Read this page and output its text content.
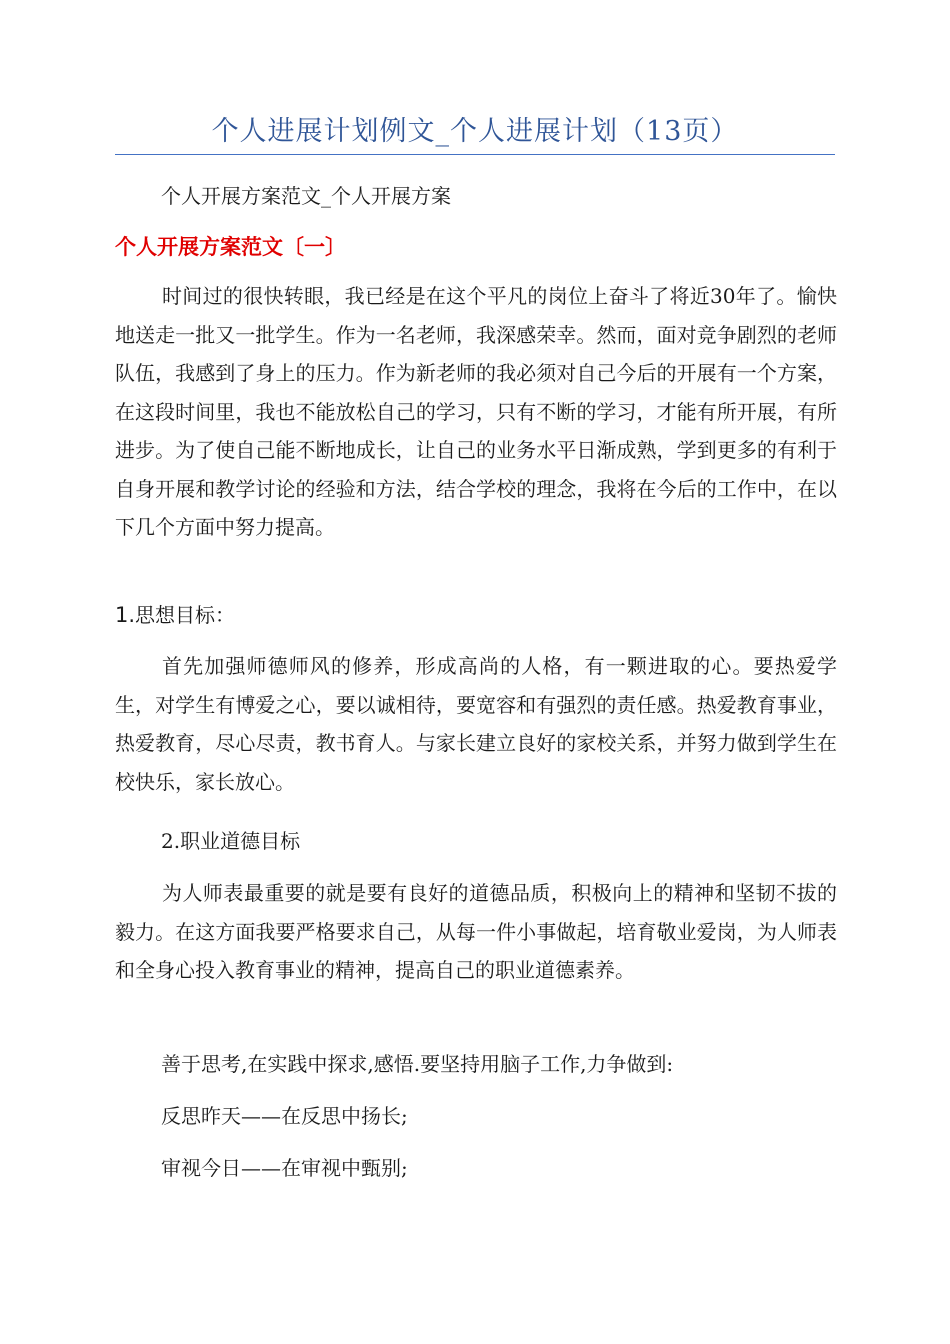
个人进展计划例文_个人进展计划（13页）
个人开展方案范文_个人开展方案
个人开展方案范文〔一〕

时间过的很快转眼，我已经是在这个平凡的岗位上奋斗了将近30年了。愉快地送走一批又一批学生。作为一名老师，我深感荣幸。然而，面对竞争剧烈的老师队伍，我感到了身上的压力。作为新老师的我必须对自己今后的开展有一个方案，在这段时间里，我也不能放松自己的学习，只有不断的学习，才能有所开展，有所进步。为了使自己能不断地成长，让自己的业务水平日渐成熟，学到更多的有利于自身开展和教学讨论的经验和方法，结合学校的理念，我将在今后的工作中，在以下几个方面中努力提高。

1.思想目标：

首先加强师德师风的修养，形成高尚的人格，有一颗进取的心。要热爱学生，对学生有博爱之心，要以诚相待，要宽容和有强烈的责任感。热爱教育事业，热爱教育，尽心尽责，教书育人。与家长建立良好的家校关系，并努力做到学生在校快乐，家长放心。

2.职业道德目标

为人师表最重要的就是要有良好的道德品质，积极向上的精神和坚韧不拔的毅力。在这方面我要严格要求自己，从每一件小事做起，培育敬业爱岗，为人师表和全身心投入教育事业的精神，提高自己的职业道德素养。

善于思考,在实践中探求,感悟.要坚持用脑子工作,力争做到:
反思昨天——在反思中扬长;
审视今日——在审视中甄别;
